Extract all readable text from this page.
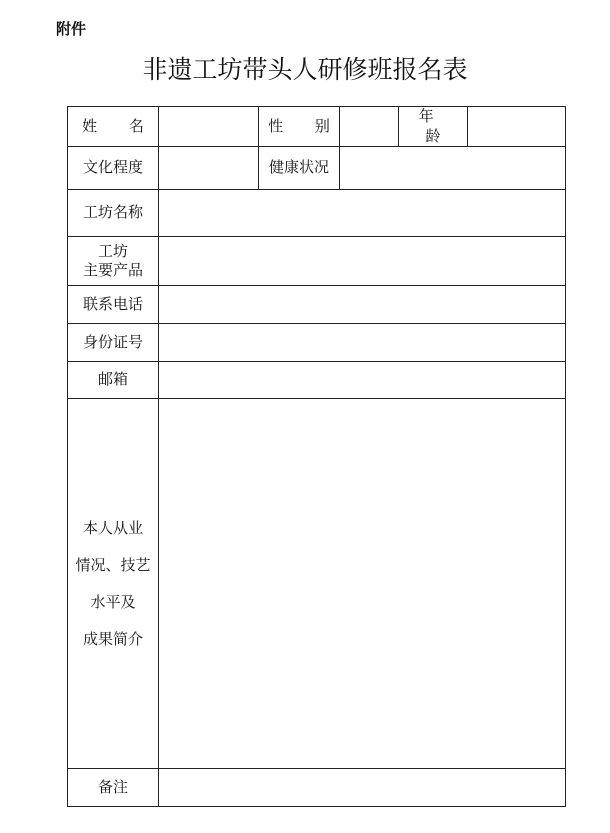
附件
非遗工坊带头人研修班报名表
姓 名		性 别		年 龄	
文化程度		健康状况			
工坊名称					

工坊
主要产品					

联系电话					
身份证号					
邮箱					

本人从业
情况、技艺
水平及
成果简介					

备注					
